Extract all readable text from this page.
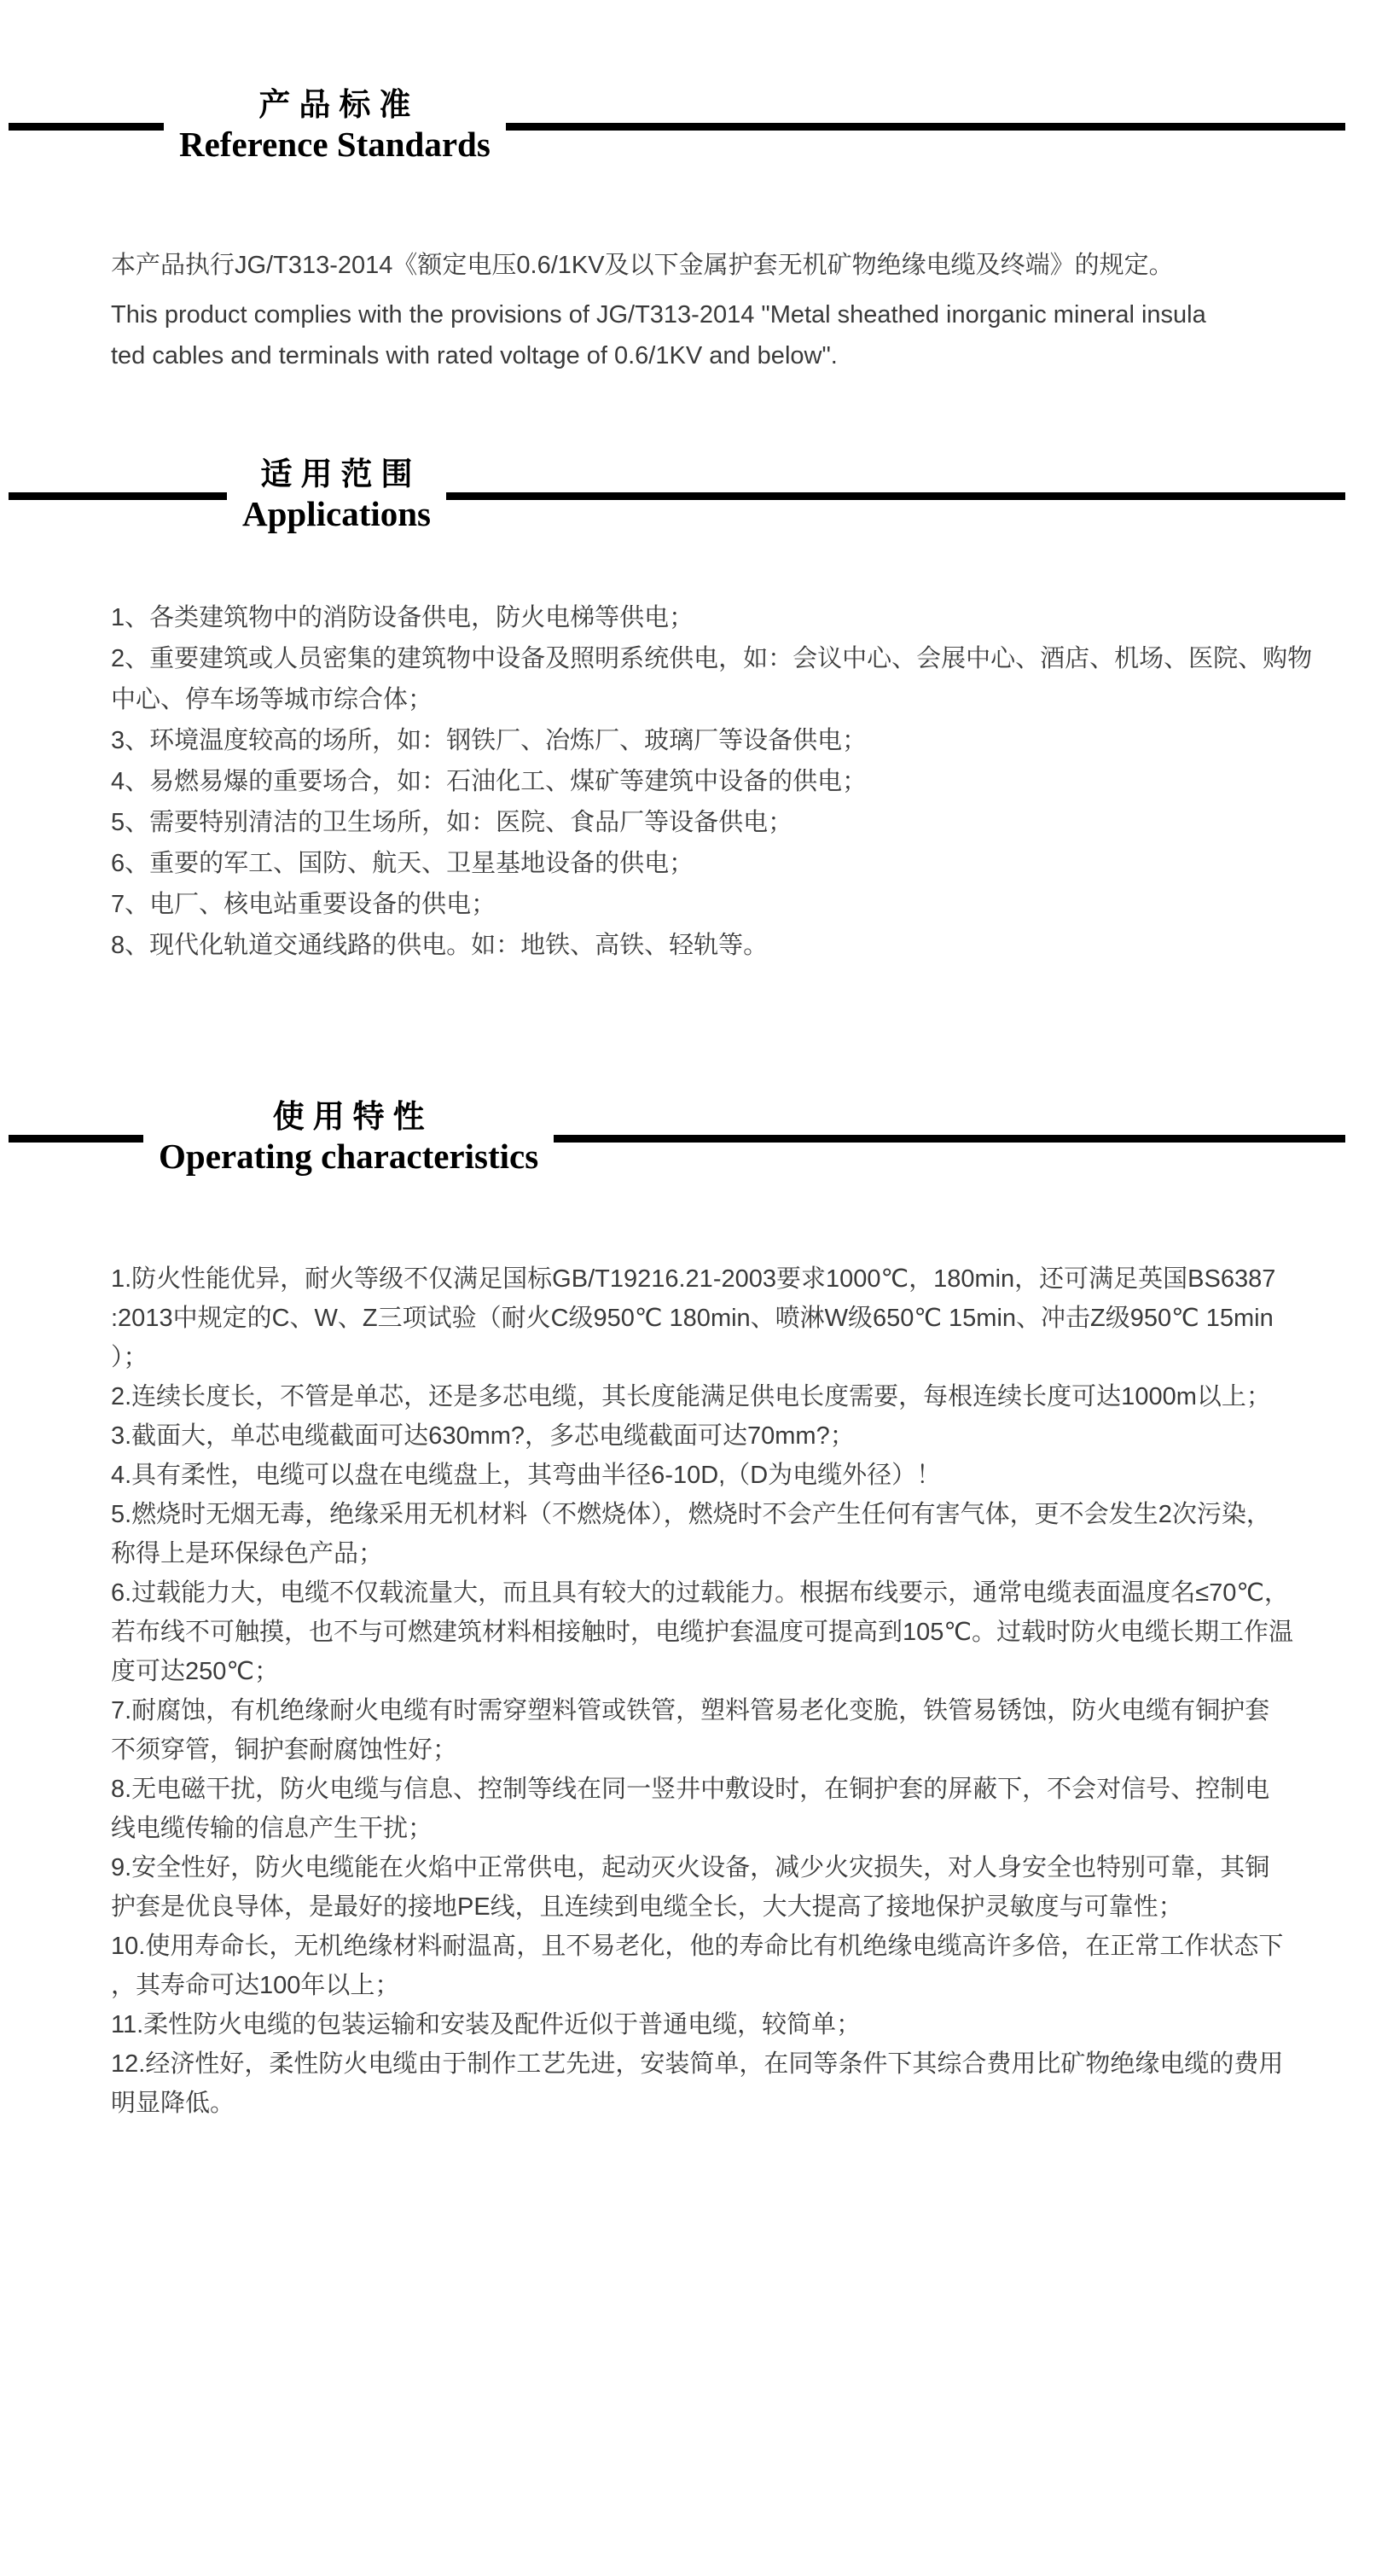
产品标准
Reference Standards
本产品执行JG/T313-2014《额定电压0.6/1KV及以下金属护套无机矿物绝缘电缆及终端》的规定。
This product complies with the provisions of JG/T313-2014 "Metal sheathed inorganic mineral insula
ted cables and terminals with rated voltage of 0.6/1KV and below".
适用范围
Applications
1、各类建筑物中的消防设备供电，防火电梯等供电；
2、重要建筑或人员密集的建筑物中设备及照明系统供电，如：会议中心、会展中心、酒店、机场、医院、购物
中心、停车场等城市综合体；
3、环境温度较高的场所，如：钢铁厂、冶炼厂、玻璃厂等设备供电；
4、易燃易爆的重要场合，如：石油化工、煤矿等建筑中设备的供电；
5、需要特别清洁的卫生场所，如：医院、食品厂等设备供电；
6、重要的军工、国防、航天、卫星基地设备的供电；
7、电厂、核电站重要设备的供电；
8、现代化轨道交通线路的供电。如：地铁、高铁、轻轨等。
使用特性
Operating characteristics
1.防火性能优异，耐火等级不仅满足国标GB/T19216.21-2003要求1000℃，180min，还可满足英国BS6387
:2013中规定的C、W、Z三项试验（耐火C级950℃ 180min、喷淋W级650℃ 15min、冲击Z级950℃ 15min
）；
2.连续长度长，不管是单芯，还是多芯电缆，其长度能满足供电长度需要，每根连续长度可达1000m以上；
3.截面大，单芯电缆截面可达630mm?，多芯电缆截面可达70mm?；
4.具有柔性，电缆可以盘在电缆盘上，其弯曲半径6-10D,（D为电缆外径）！
5.燃烧时无烟无毒，绝缘采用无机材料（不燃烧体），燃烧时不会产生任何有害气体，更不会发生2次污染，
称得上是环保绿色产品；
6.过载能力大，电缆不仅载流量大，而且具有较大的过载能力。根据布线要示，通常电缆表面温度名≤70℃，
若布线不可触摸，也不与可燃建筑材料相接触时，电缆护套温度可提高到105℃。过载时防火电缆长期工作温
度可达250℃；
7.耐腐蚀，有机绝缘耐火电缆有时需穿塑料管或铁管，塑料管易老化变脆，铁管易锈蚀，防火电缆有铜护套
不须穿管，铜护套耐腐蚀性好；
8.无电磁干扰，防火电缆与信息、控制等线在同一竖井中敷设时，在铜护套的屏蔽下，不会对信号、控制电
线电缆传输的信息产生干扰；
9.安全性好，防火电缆能在火焰中正常供电，起动灭火设备，减少火灾损失，对人身安全也特别可靠，其铜
护套是优良导体，是最好的接地PE线，且连续到电缆全长，大大提高了接地保护灵敏度与可靠性；
10.使用寿命长，无机绝缘材料耐温髙，且不易老化，他的寿命比有机绝缘电缆高许多倍，在正常工作状态下
，其寿命可达100年以上；
11.柔性防火电缆的包装运输和安装及配件近似于普通电缆，较简单；
12.经济性好，柔性防火电缆由于制作工艺先进，安装简单，在同等条件下其综合费用比矿物绝缘电缆的费用
明显降低。
